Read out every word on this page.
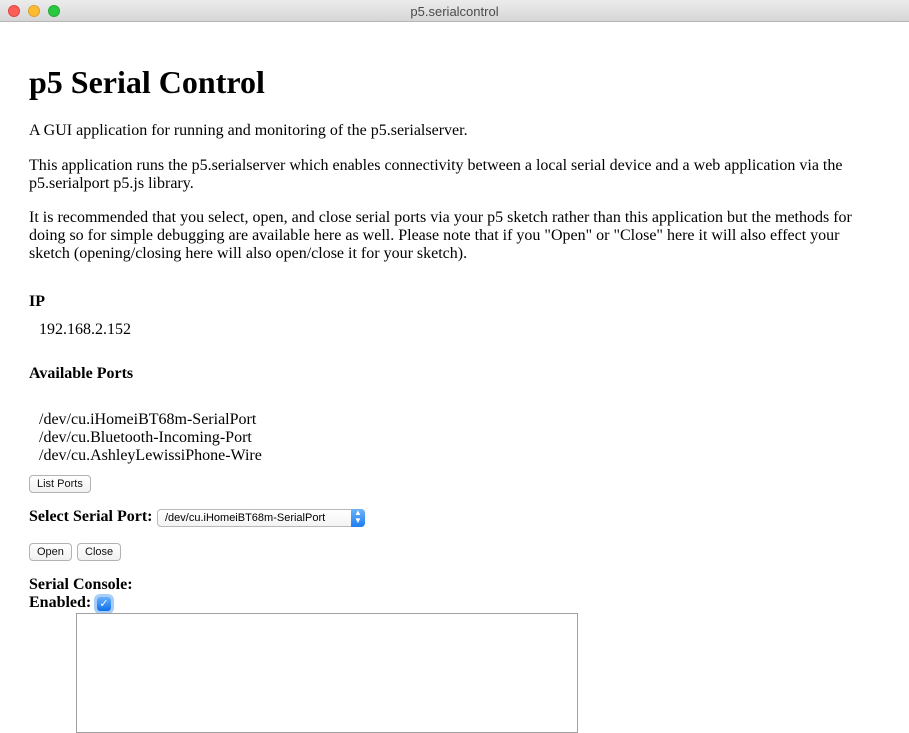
p5.serialcontrol
p5 Serial Control

A GUI application for running and monitoring of the p5.serialserver.

This application runs the p5.serialserver which enables connectivity between a local serial device and a web application via the p5.serialport p5.js library.

It is recommended that you select, open, and close serial ports via your p5 sketch rather than this application but the methods for doing so for simple debugging are available here as well. Please note that if you "Open" or "Close" here it will also effect your sketch (opening/closing here will also open/close it for your sketch).

IP
192.168.2.152
Available Ports
/dev/cu.iHomeiBT68m-SerialPort
/dev/cu.Bluetooth-Incoming-Port
/dev/cu.AshleyLewissiPhone-Wire
List Ports
Select Serial Port: /dev/cu.iHomeiBT68m-SerialPort	▲
▼
Open	Close
Serial Console:
Enabled: ✓
